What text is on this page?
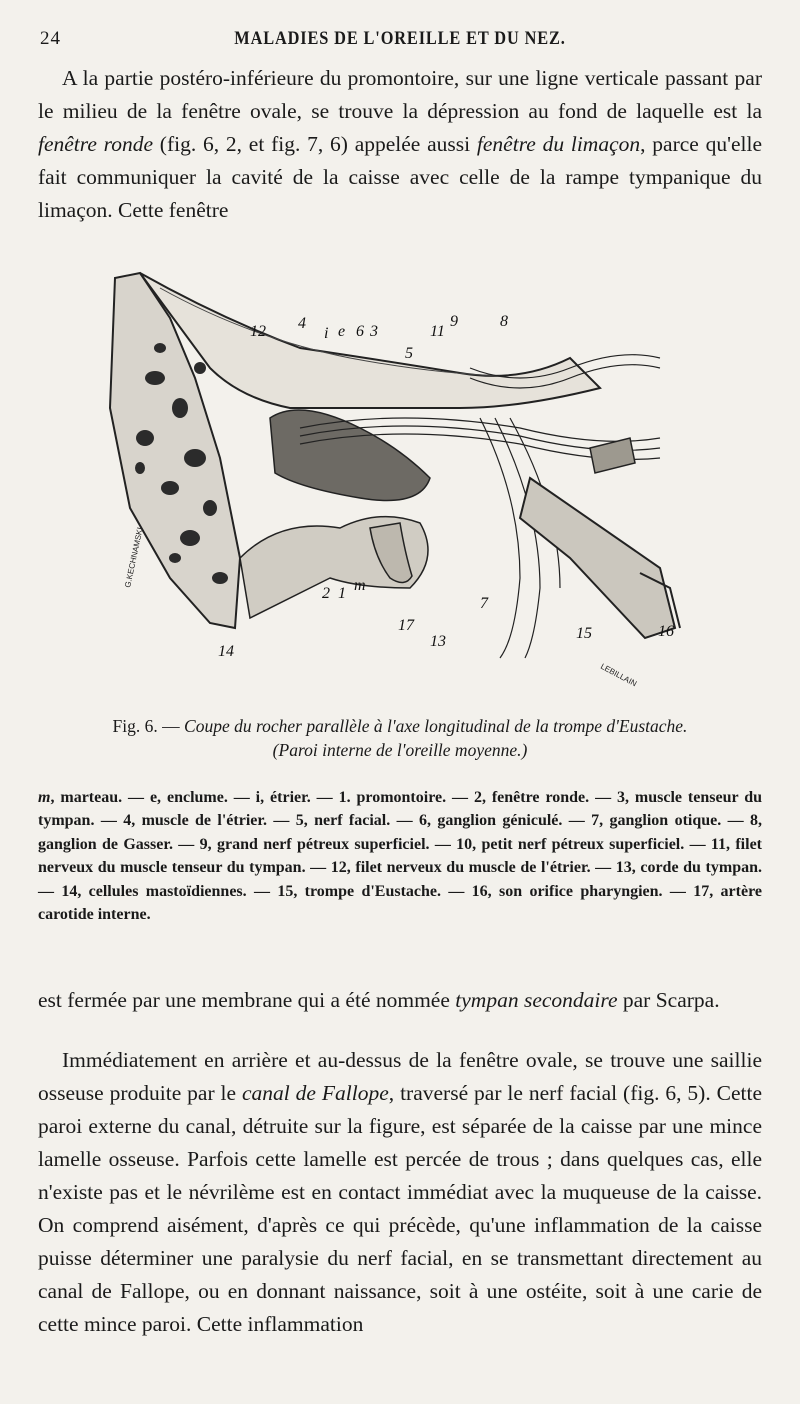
24	MALADIES DE L'OREILLE ET DU NEZ.

A la partie postéro-inférieure du promontoire, sur une ligne verticale passant par le milieu de la fenêtre ovale, se trouve la dépression au fond de laquelle est la fenêtre ronde (fig. 6, 2, et fig. 7, 6) appelée aussi fenêtre du limaçon, parce qu'elle fait communiquer la cavité de la caisse avec celle de la rampe tympanique du limaçon. Cette fenêtre

12 4
i e 6 3
5
11
9	8
2 1 m
17
13
7
15	16
14
G.KECHNAMSKI
LEBILLAIN
Fig. 6. — Coupe du rocher parallèle à l'axe longitudinal de la trompe d'Eustache.
(Paroi interne de l'oreille moyenne.)
m, marteau. — e, enclume. — i, étrier. — 1. promontoire. — 2, fenêtre ronde. — 3, muscle tenseur du tympan. — 4, muscle de l'étrier. — 5, nerf facial. — 6, ganglion géniculé. — 7, ganglion otique. — 8, ganglion de Gasser. — 9, grand nerf pétreux superficiel. — 10, petit nerf pétreux superficiel. — 11, filet nerveux du muscle tenseur du tympan. — 12, filet nerveux du muscle de l'étrier. — 13, corde du tympan. — 14, cellules mastoïdiennes. — 15, trompe d'Eustache. — 16, son orifice pharyngien. — 17, artère carotide interne.

est fermée par une membrane qui a été nommée tympan secondaire par Scarpa.

Immédiatement en arrière et au-dessus de la fenêtre ovale, se trouve une saillie osseuse produite par le canal de Fallope, traversé par le nerf facial (fig. 6, 5). Cette paroi externe du canal, détruite sur la figure, est séparée de la caisse par une mince lamelle osseuse. Parfois cette lamelle est percée de trous ; dans quelques cas, elle n'existe pas et le névrilème est en contact immédiat avec la muqueuse de la caisse. On comprend aisément, d'après ce qui précède, qu'une inflammation de la caisse puisse déterminer une paralysie du nerf facial, en se transmettant directement au canal de Fallope, ou en donnant naissance, soit à une ostéite, soit à une carie de cette mince paroi. Cette inflammation
